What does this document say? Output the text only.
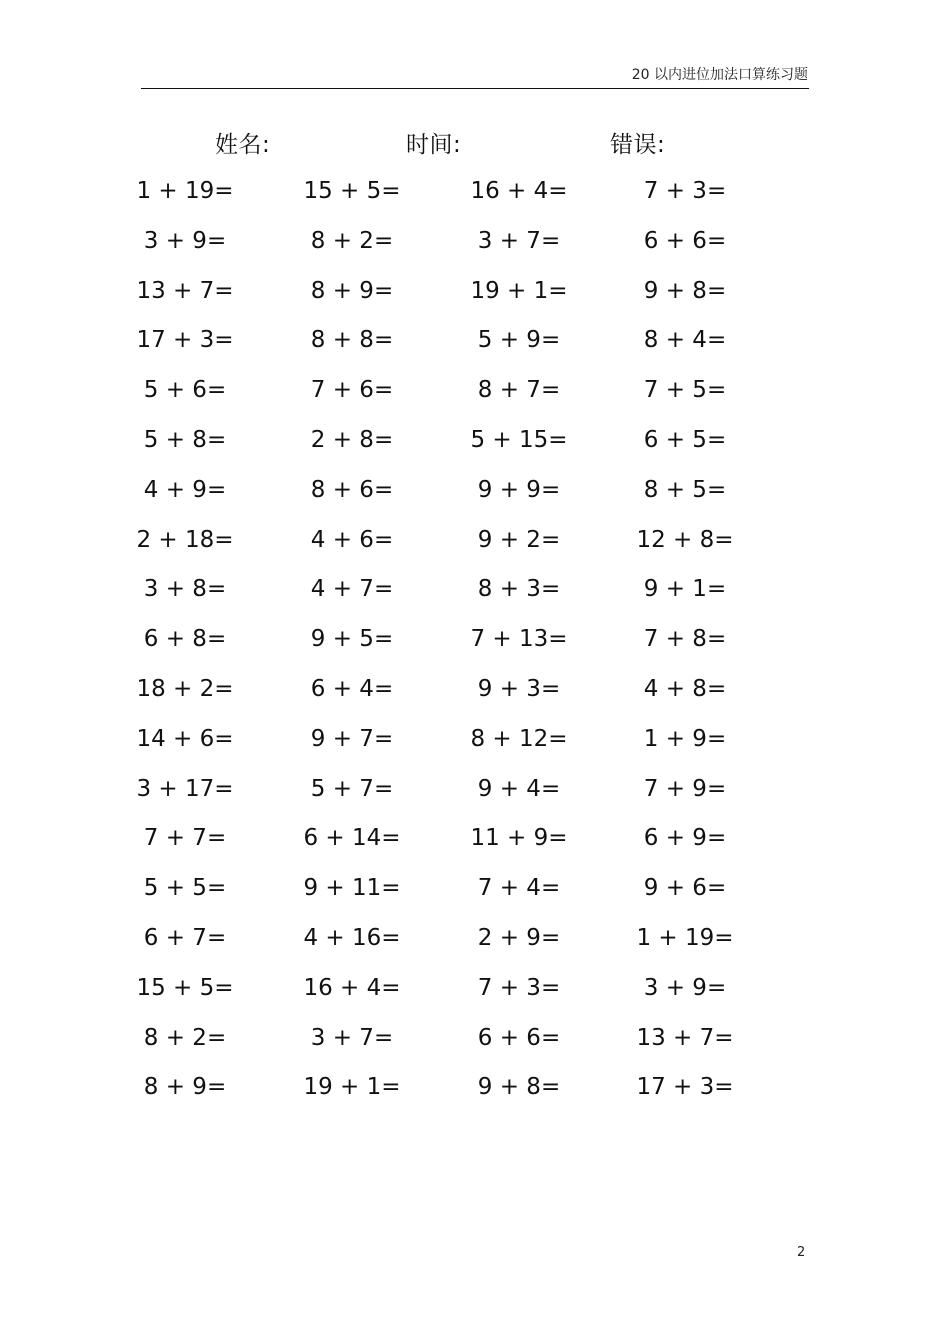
20 以内进位加法口算练习题
姓名:	时间:	错误:
1 + 19=	15 + 5=	16 + 4=	7 + 3=
3 + 9=	8 + 2=	3 + 7=	6 + 6=
13 + 7=	8 + 9=	19 + 1=	9 + 8=
17 + 3=	8 + 8=	5 + 9=	8 + 4=
5 + 6=	7 + 6=	8 + 7=	7 + 5=
5 + 8=	2 + 8=	5 + 15=	6 + 5=
4 + 9=	8 + 6=	9 + 9=	8 + 5=
2 + 18=	4 + 6=	9 + 2=	12 + 8=
3 + 8=	4 + 7=	8 + 3=	9 + 1=
6 + 8=	9 + 5=	7 + 13=	7 + 8=
18 + 2=	6 + 4=	9 + 3=	4 + 8=
14 + 6=	9 + 7=	8 + 12=	1 + 9=
3 + 17=	5 + 7=	9 + 4=	7 + 9=
7 + 7=	6 + 14=	11 + 9=	6 + 9=
5 + 5=	9 + 11=	7 + 4=	9 + 6=
6 + 7=	4 + 16=	2 + 9=	1 + 19=
15 + 5=	16 + 4=	7 + 3=	3 + 9=
8 + 2=	3 + 7=	6 + 6=	13 + 7=
8 + 9=	19 + 1=	9 + 8=	17 + 3=
2
